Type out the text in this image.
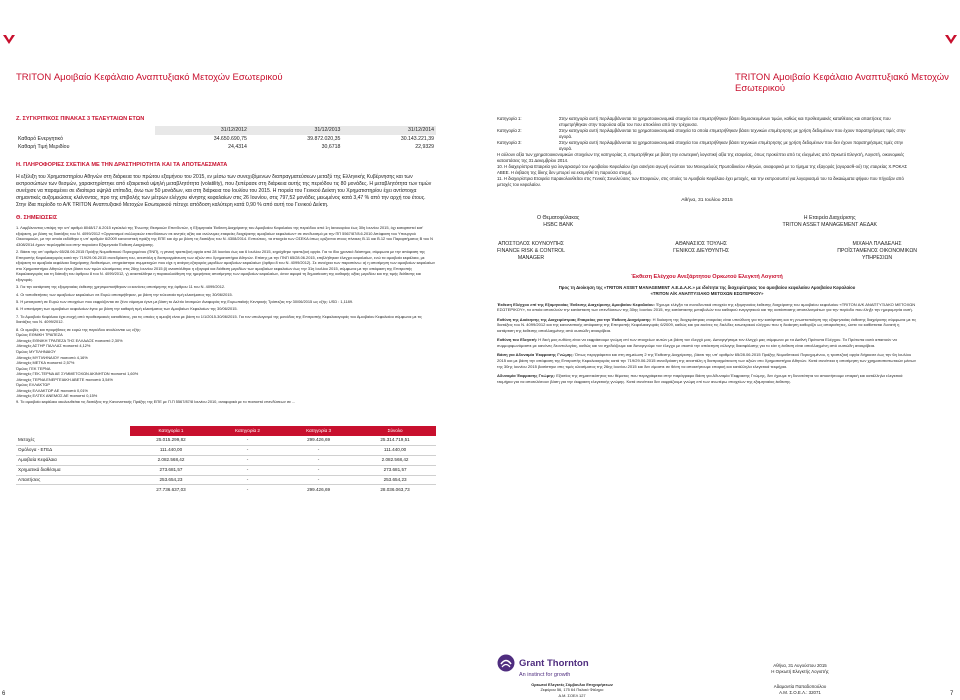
TRITON Αμοιβαίο Κεφάλαιο Αναπτυξιακό Μετοχών Εσωτερικού	TRITON Αμοιβαίο Κεφάλαιο Αναπτυξιακό Μετοχών Εσωτερικού
Ζ. ΣΥΓΚΡΙΤΙΚΟΣ ΠΙΝΑΚΑΣ 3 ΤΕΛΕΥΤΑΙΩΝ ΕΤΩΝ
	31/12/2012	31/12/2013	31/12/2014
Καθαρό Ενεργητικό	34.650.690,75	39.872.020,35	30.143.221,39
Καθαρή Τιμή Μεριδίου	24,4314	30,6718	22,9329
Η. ΠΛΗΡΟΦΟΡΙΕΣ ΣΧΕΤΙΚΑ ΜΕ ΤΗΝ ΔΡΑΣΤΗΡΙΟΤΗΤΑ ΚΑΙ ΤΑ ΑΠΟΤΕΛΕΣΜΑΤΑ
Η εξέλιξη του Χρηματιστηρίου Αθηνών στη διάρκεια του πρώτου εξαμήνου του 2015, εν μέσω των συνεχιζόμενων διαπραγματεύσεων μεταξύ της Ελληνικής Κυβέρνησης και των εκπροσώπων των θεσμών, χαρακτηρίστηκε από εξαιρετικά υψηλή μεταβλητότητα (volatility), που ξεπέρασε στη διάρκεια αυτής της περιόδου τις 80 μονάδες. Η μεταβλητότητα των τιμών συνέχισε να παραμένει σε ιδιαίτερα υψηλά επίπεδα, άνω των 50 μονάδων, και στη διάρκεια του Ιουλίου του 2015. Η πορεία του Γενικού Δείκτη του Χρηματιστηρίου έχει αντίστοιχα σημαντικές αυξομειώσεις κλείνοντας, προ της επιβολής των μέτρων ελέγχου κίνησης κεφαλαίων στις 26 Ιουνίου, στις 797,52 μονάδες μειωμένος κατά 3,47 % από την αρχή του έτους. Στην ίδια περίοδο το Α/Κ TRITON Αναπτυξιακό Μετοχών Εσωτερικού πέτυχε απόδοση καλύτερη κατά 0,90 % από αυτή του Γενικού Δείκτη.
Θ. ΣΗΜΕΙΩΣΕΙΣ
1. Λαμβάνοντας υπόψη την υπ' αριθμό 8048/17.6.2015 εγκύκλιό της Ένωσης Θεσμικών Επενδυτών, η Εξαμηνιαία Έκθεση Διαχείρισης του Αμοιβαίου Κεφαλαίου της περιόδου από 1η Ιανουαρίου έως 30η Ιουνίου 2015, όχι καταρτιστεί κατ' εξαίρεση, με βάση τις διατάξεις του Ν. 4099/2012 «Οργανισμοί συλλογικών επενδύσεων σε κινητές αξίες και ανώνυμες εταιρείες διαχείρισης αμοιβαίων κεφαλαίων» σε συνδυασμό με την ΠΠ 5567/87/8.6.2010 Απόφαση του Υπουργού Οικονομικών, με την οποία εκδόθηκε η υπ' αριθμόν 6/2009 κανονιστική πράξη της ΕΠΕ και όχι με βάση τις διατάξεις του Ν. 4308/2014. Ενπούτοις, τα στοιχεία των ΟΣΕΚΑ όπως ορίζονται στους πίνακες Β.11 και Β.12 του Παραρτήματος Β του Ν 4308/2014 έχουν περιληφθεί και στην παρούσα Εξαμηνιαία Έκθεση Διαχείρισης.
2. Βάσει της υπ' αριθμόν 65/28.06.2015 Πράξης Νομοθετικού Περιεχομένου (ΠΝΠ), η γενική τραπεζική αργία από 28 Ιουνίου έως και 6 Ιουλίου 2015, κηρύχθηκε τραπεζική αργία. Για το ίδιο χρονικό διάστημα, σύμφωνα με την απόφαση της Επιτροπής Κεφαλαιαγοράς κατά την 719/29.06.2015 συνεδρίαση του, ανεστάλη η διαπραγμάτευση των αξιών στο Χρηματιστήριο Αθηνών. Επίσης με την ΠΝΠ 65/28.06.2015, επιβλήθηκαν έλεγχοι κεφαλαίων, ενώ τα αμοιβαία κεφάλαια, με εξαίρεση τα αμοιβαία κεφάλαια διαχείρισης διαθεσίμων, επηρεάστηκε συμμετοχών που είχε η ανάγκη εξαγοράς μεριδίων αμοιβαίων κεφαλαίων (άρθρο 8 του Ν. 4099/2012). Σε συνέχεια των παραπάνω: α) η αποτίμηση των αμοιβαίων κεφαλαίων στο Χρηματιστήριο Αθηνών έγινε βάσει των τιμών κλεισίματος στις 26ης Ιουνίου 2015 β) αναστάλθηκε η εξαγορά και διάθεση μεριδίων των αμοιβαίων κεφαλαίων έως την 31η Ιουλίου 2015, σύμφωνα με την απόφαση της Επιτροπής Κεφαλαιαγοράς και τη διάταξη του άρθρου 8 του Ν. 4099/2012, γ) αναστάλθηκε η παρακολούθηση της ημερήσιας αποτίμησης των αμοιβαίων κεφαλαίων, όσον αφορά τη δημοσίευση της καθαρής αξίας μεριδίου και της τιμής διάθεσης και εξαγοράς.
3. Για την κατάρτιση της εξαμηνιαίας έκθεσης χρησιμοποιήθηκαν οι κανόνες αποτίμησης της άρθρου 11 του Ν. 4099/2012.
4. Οι τοποθετήσεις των αμοιβαίων κεφαλαίων σε Ευρώ αποτιμήθηκαν, με βάση την τελευταία τιμή κλεισίματος της 30/06/2015.
5. Η μετατροπή σε Ευρώ των στοιχείων που εκφράζονται σε ξένο νόμισμα έγινε με βάση το Δελτίο Ισοτιμιών Αναφοράς της Ευρωπαϊκής Κεντρικής Τράπεζας την 30/06/2015 ως εξής: USD : 1,1189.
6. Η αποτίμηση των αμοιβαίων κεφαλαίων έγινε με βάση την καθαρή τιμή κλεισίματος των Αμοιβαίων Κεφαλαίων της 30/06/2015.
7. Το Αμοιβαίο Κεφάλαιο έχει ενοχή από προθεσμιακές καταθέσεις, για τις οποίες η αμοιβή είναι με βάση το 1/1/2015-30/06/2015. Για τον υπολογισμό της μονάδας της Επιτροπής Κεφαλαιαγοράς του Αμοιβαίου Κεφαλαίου σύμφωνα με τις διατάξεις του Ν. 4099/2012.
8. Οι αμοιβές και προμήθειες σε ευρώ της περιόδου αναλύονται ως εξής:
Όμιλος ΕΘΝΙΚΗ ΤΡΑΠΕΖΑ
-Μετοχές ΕΘΝΙΚΗ ΤΡΑΠΕΖΑ ΤΗΣ ΕΛΛΑΔΟΣ ποσοστό 2,30%
-Μετοχές ΑΣΤΗΡ ΠΑΛΛΑΣ ποσοστό 4,12%
Όμιλος ΜΥΤΙΛΗΝΑΙΟΥ
-Μετοχές ΜΥΤΙΛΗΝΑΙΟΥ ποσοστό 4,16%
-Μετοχές METKA ποσοστό 2,57%
Όμιλος ΓΕΚ ΤΕΡΝΑ
-Μετοχές ΓΕΚ-ΤΕΡΝΑ ΑΕ ΣΥΜΜΕΤΟΧΩΝ ΑΚΙΝΗΤΩΝ ποσοστό 1,60%
-Μετοχές ΤΕΡΝΑ ΕΝΕΡΓΕΙΑΚΗ ΑΒΕΤΕ ποσοστό 3,54%
Όμιλος ΕΛΛΑΚΤΩΡ
-Μετοχές ΕΛΛΑΚΤΩΡ ΑΕ ποσοστό 0,01%
-Μετοχές ΕΛΤΕΧ ΑΝΕΜΟΣ ΑΕ ποσοστό 0,15%
9. Το αμοιβαίο κεφάλαιο ακολουθείται τις διατάξεις της Κανονιστικής Πράξης της ΕΠΕ με Π.Π 5567/87/8 Ιουνίου 2010, αναφορικά με το ποσοστό επενδύσεων σε ...
	Κατηγορία 1	Κατηγορία 2	Κατηγορία 3	Σύνολο
Μετοχές	25.015.299,82	-	299.426,69	25.314.719,51
Ομόλογα - ΕΓΕΔ	111.440,00	-	-	111.440,00
Αμοιβαία Κεφάλαια	2.082.568,42	-	-	2.082.568,42
Χρηματικά διαθέσιμα	273.681,57	-	-	273.681,57
Απαιτήσεις	253.654,23	-	-	253.654,23
	27.736.637,03	-	299.426,69	28.036.063,73
Κατηγορία 1:	Στην κατηγορία αυτή περιλαμβάνονται τα χρηματοοικονομικά στοιχεία του επιμετρήθηκαν βάσει δημοσιευμένων τιμών, καθώς και προθεσμιακές καταθέσεις και απαιτήσεις που επιμετρήθηκαν στην παρούσα αξία του που αποκλίνει από την τρέχουσα.
Κατηγορία 2:	Στην κατηγορία αυτή περιλαμβάνονται τα χρηματοοικονομικά στοιχεία τα οποία επιμετρήθηκαν βάσει τεχνικών επιμέτρησης με χρήση δεδομένων που έχουν παρατηρήσιμες τιμές στην αγορά.
Κατηγορία 3:	Στην κατηγορία αυτή περιλαμβάνονται τα χρηματοοικονομικά στοιχεία του επιμετρήθηκαν βάσει τεχνικών επιμέτρησης με χρήση δεδομένων που δεν έχουν παρατηρήσιμες τιμές στην αγορά.
Η αύλουν αξία των χρηματοοικονομικών στοιχείων της κατηγορίας 3, επιμετρήθηκε με βάση την εσωτερική λογιστική αξία της εταιρείας, όπως προκύπτει από τις ελεγμένες από Ορκωτό Ελεγκτή, Λογιστή, οικονομικές καταστάσεις της 31 Δεκεμβρίου 2014.
10. Η διαχειρίστρια Εταιρεία για λογαριασμό του Αμοιβαίου Κεφαλαίου έχει ασκήσει αγωγή ενώπιον του Μονομελούς Πρωτοδικείου Αθηνών, αναφορικά με το τίμημα της εξαγοράς (αγορασθ-ού) της εταιρείας Χ.ΡΟΚΑΣ ΑΒΕΕ. Η έκβαση της δίκης δεν μπορεί να εκτιμηθεί τη παρούσα στιγμή.
11. Η διαχειρίστρια Εταιρεία παρακολουθείται στις Γενικές Συνελεύσεις των Εταιρειών, στις οποίες το Αμοιβαίο Κεφάλαιο έχει μετοχές, και την εκπροσωπεί για λογαριασμό του τα δικαιώματα ψήφου που πήγαζαν από μετοχές του κεφαλαίου.
Αθήνα, 31 Ιουλίου 2015
Ο Θεματοφύλακας
HSBC BANK
Η Εταιρεία Διαχείρισης
TRITON ASSET MANAGEMENT ΑΕΔΑΚ
ΑΠΟΣΤΟΛΟΣ ΚΟΥΝΟΥΠΗΣ
FINANCE RISK & CONTROL
MANAGER
ΑΘΑΝΑΣΙΟΣ ΤΟΥΛΗΣ
ΓΕΝΙΚΟΣ ΔΙΕΥΘΥΝΤΗΣ
ΜΙΧΑΗΛ ΠΛΑΔΕΛΗΣ
ΠΡΟΪΣΤΑΜΕΝΟΣ ΟΙΚΟΝΟΜΙΚΩΝ
ΥΠΗΡΕΣΙΩΝ
Έκθεση Ελέγχου Ανεξάρτητου Ορκωτού Ελεγκτή Λογιστή
Προς τη Διοίκηση της «TRITON ASSET MANAGEMENT Α.Ε.Δ.Α.Κ.» με ιδιότητα της διαχειρίστριας του αμοιβαίου κεφαλαίου Αμοιβαίου Κεφαλαίου
«TRITON Α/Κ ΑΝΑΠΤΥΞΙΑΚΟ ΜΕΤΟΧΩΝ ΕΣΩΤΕΡΙΚΟΥ»

Έκθεση Ελέγχου επί της Εξαμηνιαίας Έκθεσης Διαχείρισης Αμοιβαίου Κεφαλαίου: Έχουμε ελέγξει τα συνοδευτικά στοιχεία της εξαμηνιαίας έκθεσης διαχείρισης του αμοιβαίου κεφαλαίου «TRITON Α/Κ ΑΝΑΠΤΥΞΙΑΚΟ ΜΕΤΟΧΩΝ ΕΣΩΤΕΡΙΚΟΥ», τα οποία αποτελούν την κατάσταση των επενδύσεων της 30ης Ιουνίου 2015, της κατάστασης μεταβολών του καθαρού ενεργητικού και της κατάστασης αποτελεσμάτων για την περίοδο που έληξε την ημερομηνία αυτή.

Ευθύνη της Διοίκησης της Διαχειρίστριας Εταιρείας για την Έκθεση Διαχείρισης: Η διοίκηση της διαχειρίστριας εταιρείας είναι υπεύθυνη για την κατάρτιση και τη γνωστοποίηση της εξαμηνιαίας έκθεσης διαχείρισης σύμφωνα με τις διατάξεις του Ν. 4099/2012 και της κανονιστικής απόφασης της Επιτροπής Κεφαλαιαγοράς 6/2009, καθώς και για εκείνες τις δικλίδες εσωτερικού ελέγχου που η διοίκηση καθορίζει ως απαραίτητες, ώστε να καθίσταται δυνατή η κατάρτιση της έκθεσης απαλλαγμένης από ουσιώδη ανακρίβεια.

Ευθύνη του Ελεγκτή: Η δική μας ευθύνη είναι να εκφράσουμε γνώμη επί των στοιχείων αυτών με βάση τον έλεγχό μας. Διενεργήσαμε τον έλεγχό μας σύμφωνα με τα Διεθνή Πρότυπα Ελέγχου. Τα Πρότυπα αυτά απαιτούν να συμμορφωνόμαστε με κανόνες δεοντολογίας, καθώς και να σχεδιάζουμε και διενεργούμε τον έλεγχο με σκοπό την απόκτηση εύλογης διασφάλισης για το εάν η έκθεση είναι απαλλαγμένη από ουσιώδη ανακρίβεια.

Βάση για Αδυναμία Έκφρασης Γνώμης: Όπως περιγράφεται και στη σημείωση 2 της Έκθεσης Διαχείρισης, βάσει της υπ' αριθμόν 65/28.06.2015 Πράξης Νομοθετικού Περιεχομένου, η τραπεζική αργία διήρκεσε έως την 6η Ιουλίου 2015 και με βάση την απόφαση της Επιτροπής Κεφαλαιαγοράς κατά την 719/29.06.2015 συνεδρίαση της ανεστάλη η διαπραγμάτευση των αξιών στο Χρηματιστήριο Αθηνών. Κατά συνέπεια η αποτίμηση των χρηματοπιστωτικών μέσων της 30ης Ιουνίου 2015 βασίστηκε στις τιμές κλεισίματος της 26ης Ιουνίου 2015 και δεν είμαστε σε θέση να αποκτήσουμε επαρκή και κατάλληλα ελεγκτικά τεκμήρια.

Αδυναμία Έκφρασης Γνώμης: Εξαιτίας της σημαντικότητας του θέματος που περιγράφεται στην παράγραφο Βάση για Αδυναμία Έκφρασης Γνώμης, δεν έχουμε τη δυνατότητα να αποκτήσουμε επαρκή και κατάλληλα ελεγκτικά τεκμήρια για να αποτελέσουν βάση για την έκφραση ελεγκτικής γνώμης. Κατά συνέπεια δεν εκφράζουμε γνώμη επί των ανωτέρω στοιχείων της εξαμηνιαίας έκθεσης.

Grant Thornton
An instinct for growth
Ορκωτοί Ελεγκτές Σύμβουλοι Επιχειρήσεων
Ζεφύρου 56, 175 64 Παλαιό Φάληρο
Α.Μ. ΣΟΕΛ 127
Αθήνα, 31 Αυγούστου 2015
Η Ορκωτή Ελεγκτής Λογιστής
Αδαμαντία Παπαδοπούλου
Α.Μ. Σ.Ο.Ε.Λ.: 32071
6	7
